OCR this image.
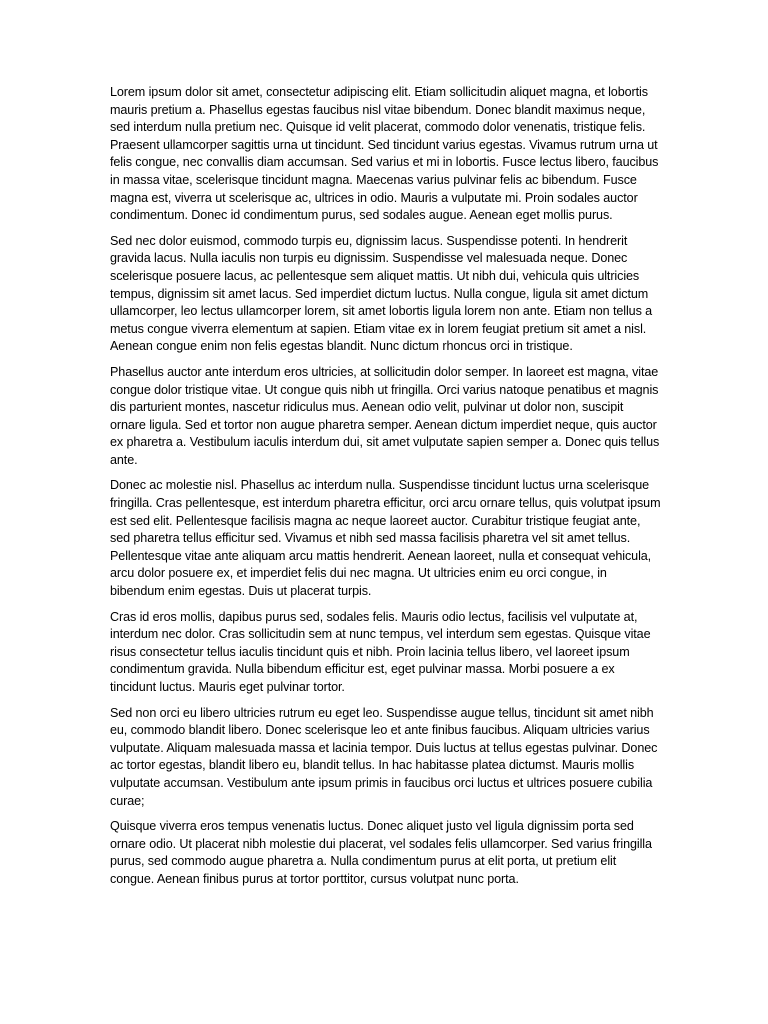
Lorem ipsum dolor sit amet, consectetur adipiscing elit. Etiam sollicitudin aliquet magna, et lobortis mauris pretium a. Phasellus egestas faucibus nisl vitae bibendum. Donec blandit maximus neque, sed interdum nulla pretium nec. Quisque id velit placerat, commodo dolor venenatis, tristique felis. Praesent ullamcorper sagittis urna ut tincidunt. Sed tincidunt varius egestas. Vivamus rutrum urna ut felis congue, nec convallis diam accumsan. Sed varius et mi in lobortis. Fusce lectus libero, faucibus in massa vitae, scelerisque tincidunt magna. Maecenas varius pulvinar felis ac bibendum. Fusce magna est, viverra ut scelerisque ac, ultrices in odio. Mauris a vulputate mi. Proin sodales auctor condimentum. Donec id condimentum purus, sed sodales augue. Aenean eget mollis purus.

Sed nec dolor euismod, commodo turpis eu, dignissim lacus. Suspendisse potenti. In hendrerit gravida lacus. Nulla iaculis non turpis eu dignissim. Suspendisse vel malesuada neque. Donec scelerisque posuere lacus, ac pellentesque sem aliquet mattis. Ut nibh dui, vehicula quis ultricies tempus, dignissim sit amet lacus. Sed imperdiet dictum luctus. Nulla congue, ligula sit amet dictum ullamcorper, leo lectus ullamcorper lorem, sit amet lobortis ligula lorem non ante. Etiam non tellus a metus congue viverra elementum at sapien. Etiam vitae ex in lorem feugiat pretium sit amet a nisl. Aenean congue enim non felis egestas blandit. Nunc dictum rhoncus orci in tristique.

Phasellus auctor ante interdum eros ultricies, at sollicitudin dolor semper. In laoreet est magna, vitae congue dolor tristique vitae. Ut congue quis nibh ut fringilla. Orci varius natoque penatibus et magnis dis parturient montes, nascetur ridiculus mus. Aenean odio velit, pulvinar ut dolor non, suscipit ornare ligula. Sed et tortor non augue pharetra semper. Aenean dictum imperdiet neque, quis auctor ex pharetra a. Vestibulum iaculis interdum dui, sit amet vulputate sapien semper a. Donec quis tellus ante.

Donec ac molestie nisl. Phasellus ac interdum nulla. Suspendisse tincidunt luctus urna scelerisque fringilla. Cras pellentesque, est interdum pharetra efficitur, orci arcu ornare tellus, quis volutpat ipsum est sed elit. Pellentesque facilisis magna ac neque laoreet auctor. Curabitur tristique feugiat ante, sed pharetra tellus efficitur sed. Vivamus et nibh sed massa facilisis pharetra vel sit amet tellus. Pellentesque vitae ante aliquam arcu mattis hendrerit. Aenean laoreet, nulla et consequat vehicula, arcu dolor posuere ex, et imperdiet felis dui nec magna. Ut ultricies enim eu orci congue, in bibendum enim egestas. Duis ut placerat turpis.

Cras id eros mollis, dapibus purus sed, sodales felis. Mauris odio lectus, facilisis vel vulputate at, interdum nec dolor. Cras sollicitudin sem at nunc tempus, vel interdum sem egestas. Quisque vitae risus consectetur tellus iaculis tincidunt quis et nibh. Proin lacinia tellus libero, vel laoreet ipsum condimentum gravida. Nulla bibendum efficitur est, eget pulvinar massa. Morbi posuere a ex tincidunt luctus. Mauris eget pulvinar tortor.

Sed non orci eu libero ultricies rutrum eu eget leo. Suspendisse augue tellus, tincidunt sit amet nibh eu, commodo blandit libero. Donec scelerisque leo et ante finibus faucibus. Aliquam ultricies varius vulputate. Aliquam malesuada massa et lacinia tempor. Duis luctus at tellus egestas pulvinar. Donec ac tortor egestas, blandit libero eu, blandit tellus. In hac habitasse platea dictumst. Mauris mollis vulputate accumsan. Vestibulum ante ipsum primis in faucibus orci luctus et ultrices posuere cubilia curae;

Quisque viverra eros tempus venenatis luctus. Donec aliquet justo vel ligula dignissim porta sed ornare odio. Ut placerat nibh molestie dui placerat, vel sodales felis ullamcorper. Sed varius fringilla purus, sed commodo augue pharetra a. Nulla condimentum purus at elit porta, ut pretium elit congue. Aenean finibus purus at tortor porttitor, cursus volutpat nunc porta.
